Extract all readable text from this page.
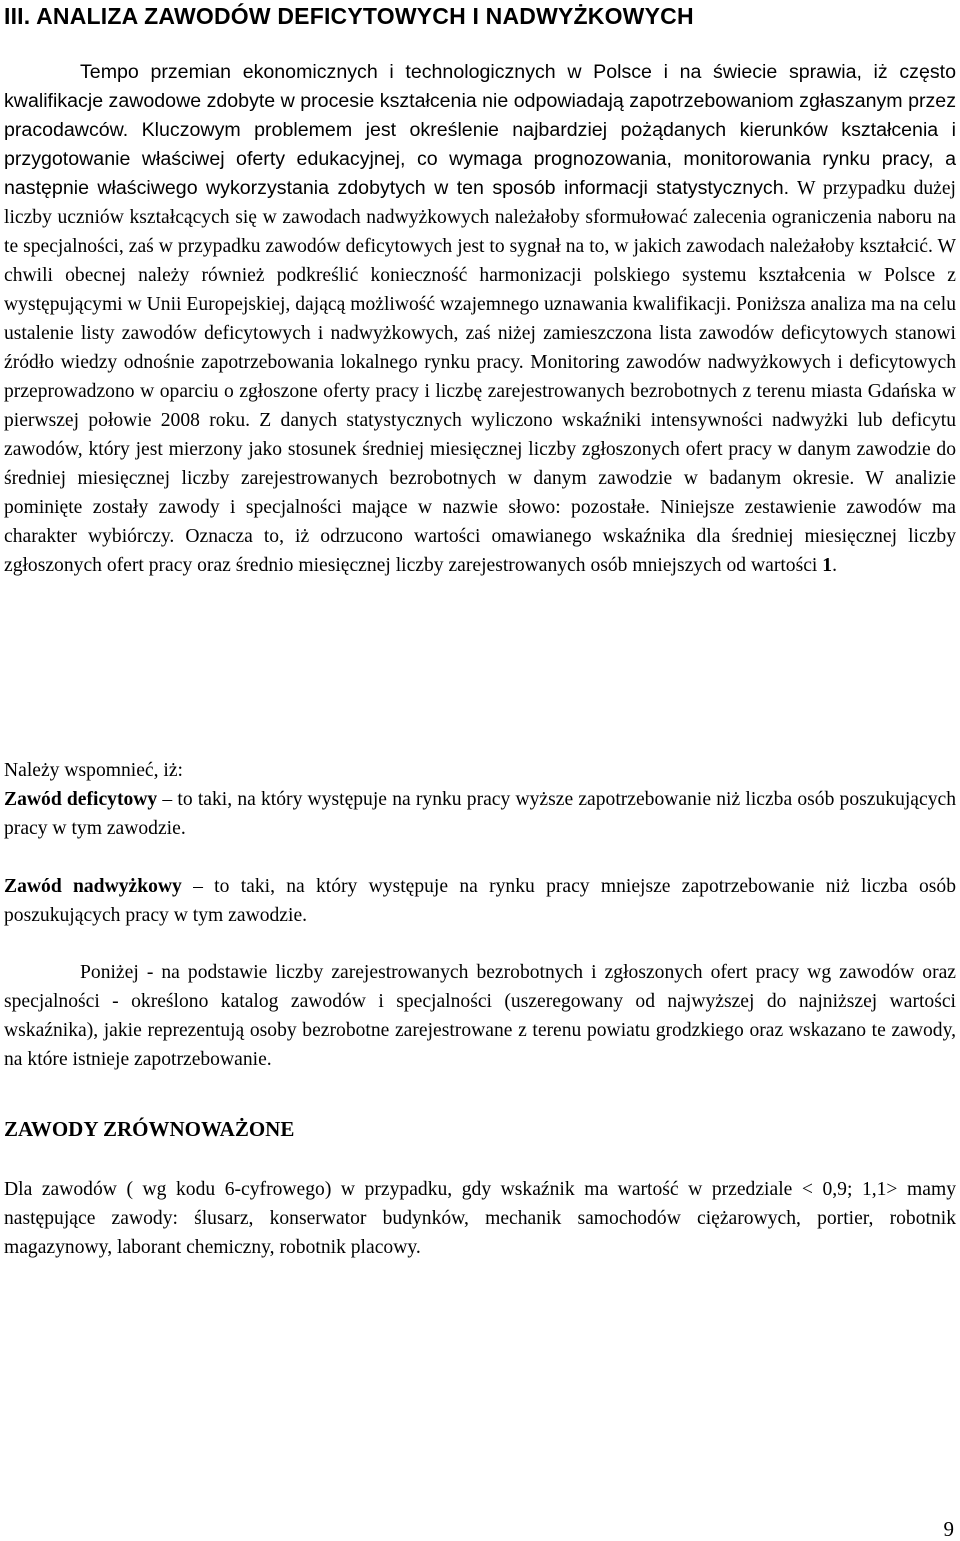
III. ANALIZA ZAWODÓW DEFICYTOWYCH I NADWYŻKOWYCH

Tempo przemian ekonomicznych i technologicznych w Polsce i na świecie sprawia, iż często kwalifikacje zawodowe zdobyte w procesie kształcenia nie odpowiadają zapotrzebowaniom zgłaszanym przez pracodawców. Kluczowym problemem jest określenie najbardziej pożądanych kierunków kształcenia i przygotowanie właściwej oferty edukacyjnej, co wymaga prognozowania, monitorowania rynku pracy, a następnie właściwego wykorzystania zdobytych w ten sposób informacji statystycznych. W przypadku dużej liczby uczniów kształcących się w zawodach nadwyżkowych należałoby sformułować zalecenia ograniczenia naboru na te specjalności, zaś w przypadku zawodów deficytowych jest to sygnał na to, w jakich zawodach należałoby kształcić. W chwili obecnej należy również podkreślić konieczność harmonizacji polskiego systemu kształcenia w Polsce z występującymi w Unii Europejskiej, dającą możliwość wzajemnego uznawania kwalifikacji. Poniższa analiza ma na celu ustalenie listy zawodów deficytowych i nadwyżkowych, zaś niżej zamieszczona lista zawodów deficytowych stanowi źródło wiedzy odnośnie zapotrzebowania lokalnego rynku pracy. Monitoring zawodów nadwyżkowych i deficytowych przeprowadzono w oparciu o zgłoszone oferty pracy i liczbę zarejestrowanych bezrobotnych z terenu miasta Gdańska w pierwszej połowie 2008 roku. Z danych statystycznych wyliczono wskaźniki intensywności nadwyżki lub deficytu zawodów, który jest mierzony jako stosunek średniej miesięcznej liczby zgłoszonych ofert pracy w danym zawodzie do średniej miesięcznej liczby zarejestrowanych bezrobotnych w danym zawodzie w badanym okresie. W analizie pominięte zostały zawody i specjalności mające w nazwie słowo: pozostałe. Niniejsze zestawienie zawodów ma charakter wybiórczy. Oznacza to, iż odrzucono wartości omawianego wskaźnika dla średniej miesięcznej liczby zgłoszonych ofert pracy oraz średnio miesięcznej liczby zarejestrowanych osób mniejszych od wartości 1.

Należy wspomnieć, iż:

Zawód deficytowy – to taki, na który występuje na rynku pracy wyższe zapotrzebowanie niż liczba osób poszukujących pracy w tym zawodzie.

Zawód nadwyżkowy – to taki, na który występuje na rynku pracy mniejsze zapotrzebowanie niż liczba osób poszukujących pracy w tym zawodzie.

Poniżej - na podstawie liczby zarejestrowanych bezrobotnych i zgłoszonych ofert pracy wg zawodów oraz specjalności - określono katalog zawodów i specjalności (uszeregowany od najwyższej do najniższej wartości wskaźnika), jakie reprezentują osoby bezrobotne zarejestrowane z terenu powiatu grodzkiego oraz wskazano te zawody, na które istnieje zapotrzebowanie.

ZAWODY ZRÓWNOWAŻONE

Dla zawodów ( wg kodu 6-cyfrowego) w przypadku, gdy wskaźnik ma wartość w przedziale < 0,9; 1,1> mamy następujące zawody: ślusarz, konserwator budynków, mechanik samochodów ciężarowych, portier, robotnik magazynowy, laborant chemiczny, robotnik placowy.

9
